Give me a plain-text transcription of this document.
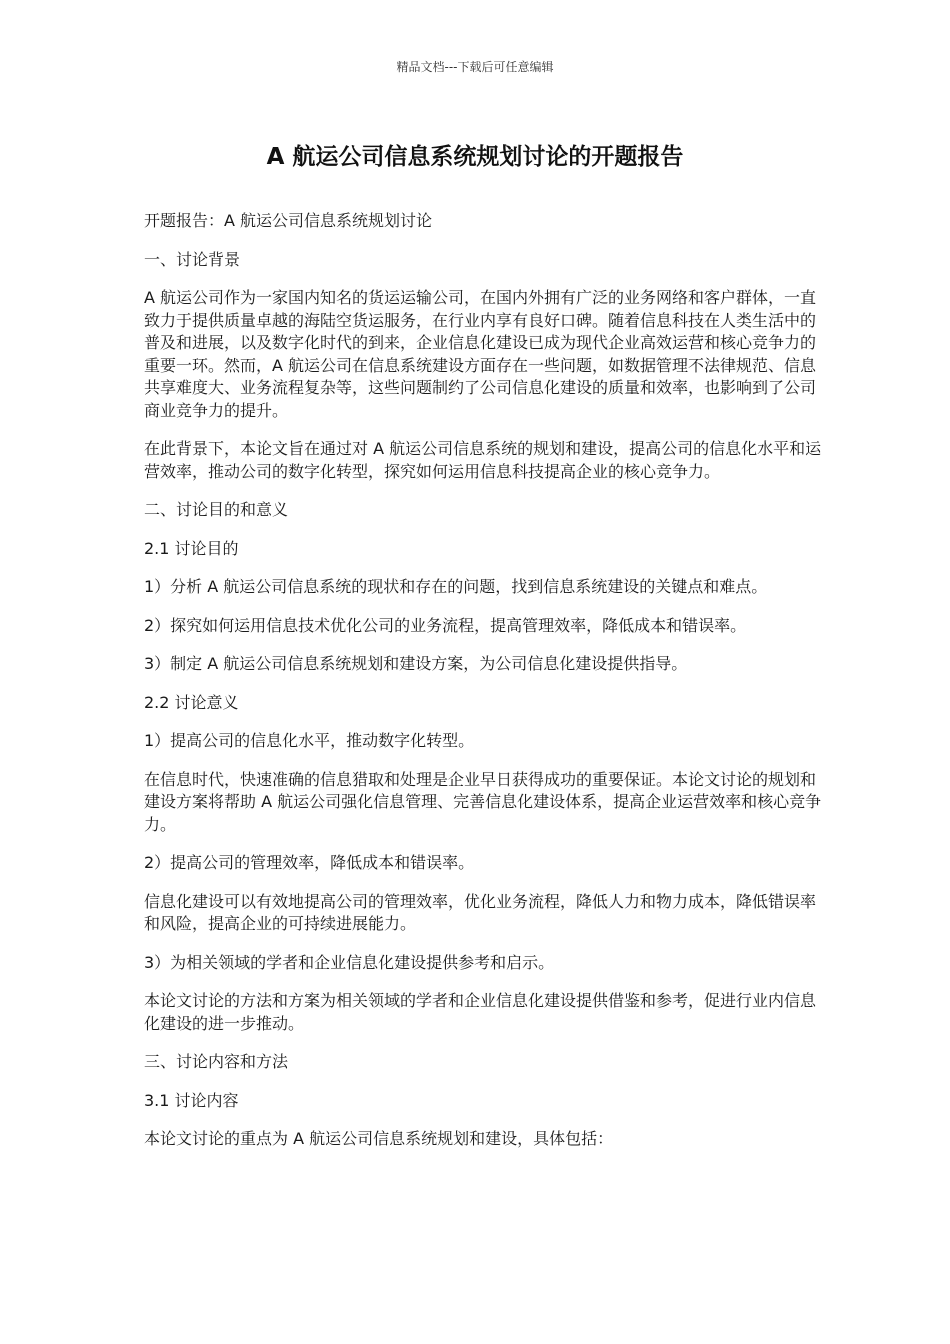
精品文档---下载后可任意编辑
A 航运公司信息系统规划讨论的开题报告

开题报告：A 航运公司信息系统规划讨论

一、讨论背景

A 航运公司作为一家国内知名的货运运输公司，在国内外拥有广泛的业务网络和客户群体，一直致力于提供质量卓越的海陆空货运服务，在行业内享有良好口碑。随着信息科技在人类生活中的普及和进展，以及数字化时代的到来，企业信息化建设已成为现代企业高效运营和核心竞争力的重要一环。然而，A 航运公司在信息系统建设方面存在一些问题，如数据管理不法律规范、信息共享难度大、业务流程复杂等，这些问题制约了公司信息化建设的质量和效率，也影响到了公司商业竞争力的提升。

在此背景下，本论文旨在通过对 A 航运公司信息系统的规划和建设，提高公司的信息化水平和运营效率，推动公司的数字化转型，探究如何运用信息科技提高企业的核心竞争力。

二、讨论目的和意义

2.1 讨论目的

1）分析 A 航运公司信息系统的现状和存在的问题，找到信息系统建设的关键点和难点。

2）探究如何运用信息技术优化公司的业务流程，提高管理效率，降低成本和错误率。

3）制定 A 航运公司信息系统规划和建设方案，为公司信息化建设提供指导。

2.2 讨论意义

1）提高公司的信息化水平，推动数字化转型。

在信息时代，快速准确的信息猎取和处理是企业早日获得成功的重要保证。本论文讨论的规划和建设方案将帮助 A 航运公司强化信息管理、完善信息化建设体系，提高企业运营效率和核心竞争力。

2）提高公司的管理效率，降低成本和错误率。

信息化建设可以有效地提高公司的管理效率，优化业务流程，降低人力和物力成本，降低错误率和风险，提高企业的可持续进展能力。

3）为相关领域的学者和企业信息化建设提供参考和启示。

本论文讨论的方法和方案为相关领域的学者和企业信息化建设提供借鉴和参考，促进行业内信息化建设的进一步推动。

三、讨论内容和方法

3.1 讨论内容

本论文讨论的重点为 A 航运公司信息系统规划和建设，具体包括：
